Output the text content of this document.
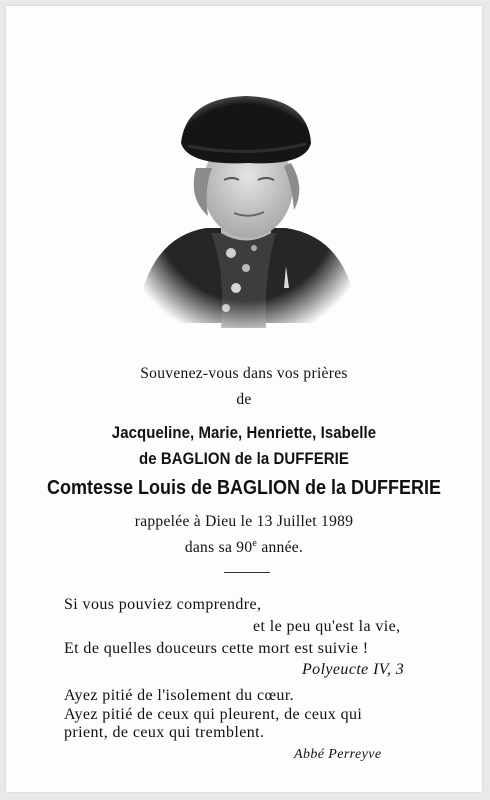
Souvenez-vous dans vos prières
de
Jacqueline, Marie, Henriette, Isabelle
de BAGLION de la DUFFERIE
Comtesse Louis de BAGLION de la DUFFERIE
rappelée à Dieu le 13 Juillet 1989
dans sa 90e année.
Si vous pouviez comprendre,
et le peu qu'est la vie,
Et de quelles douceurs cette mort est suivie !
Polyeucte IV, 3
Ayez pitié de l'isolement du cœur.
Ayez pitié de ceux qui pleurent, de ceux qui
prient, de ceux qui tremblent.
Abbé Perreyve
